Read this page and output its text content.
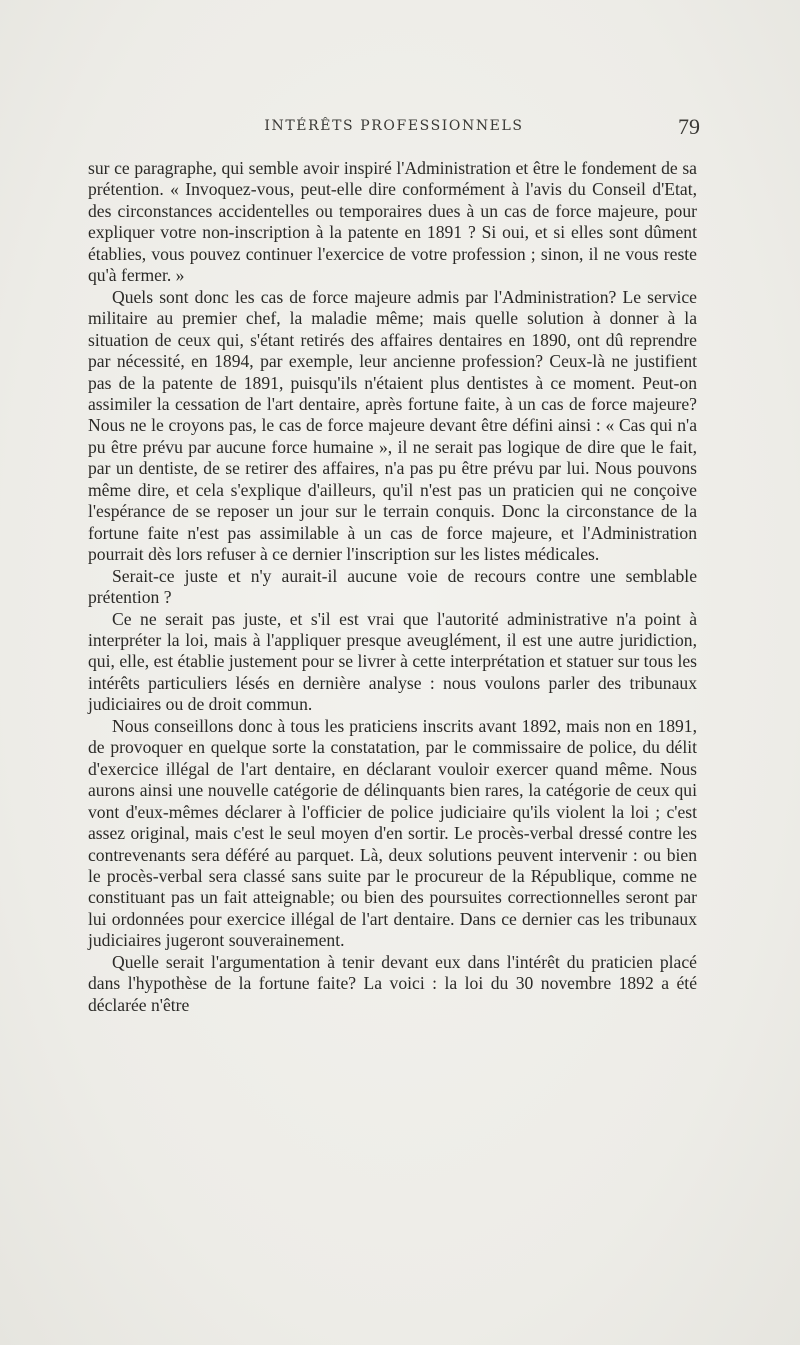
INTÉRÊTS PROFESSIONNELS	79

sur ce paragraphe, qui semble avoir inspiré l'Administration et être le fondement de sa prétention. « Invoquez-vous, peut-elle dire conformément à l'avis du Conseil d'Etat, des circonstances accidentelles ou temporaires dues à un cas de force majeure, pour expliquer votre non-inscription à la patente en 1891 ? Si oui, et si elles sont dûment établies, vous pouvez continuer l'exercice de votre profession ; sinon, il ne vous reste qu'à fermer. »

Quels sont donc les cas de force majeure admis par l'Administration? Le service militaire au premier chef, la maladie même; mais quelle solution à donner à la situation de ceux qui, s'étant retirés des affaires dentaires en 1890, ont dû reprendre par nécessité, en 1894, par exemple, leur ancienne profession? Ceux-là ne justifient pas de la patente de 1891, puisqu'ils n'étaient plus dentistes à ce moment. Peut-on assimiler la cessation de l'art dentaire, après fortune faite, à un cas de force majeure? Nous ne le croyons pas, le cas de force majeure devant être défini ainsi : « Cas qui n'a pu être prévu par aucune force humaine », il ne serait pas logique de dire que le fait, par un dentiste, de se retirer des affaires, n'a pas pu être prévu par lui. Nous pouvons même dire, et cela s'explique d'ailleurs, qu'il n'est pas un praticien qui ne conçoive l'espérance de se reposer un jour sur le terrain conquis. Donc la circonstance de la fortune faite n'est pas assimilable à un cas de force majeure, et l'Administration pourrait dès lors refuser à ce dernier l'inscription sur les listes médicales.

Serait-ce juste et n'y aurait-il aucune voie de recours contre une semblable prétention ?

Ce ne serait pas juste, et s'il est vrai que l'autorité administrative n'a point à interpréter la loi, mais à l'appliquer presque aveuglément, il est une autre juridiction, qui, elle, est établie justement pour se livrer à cette interprétation et statuer sur tous les intérêts particuliers lésés en dernière analyse : nous voulons parler des tribunaux judiciaires ou de droit commun.

Nous conseillons donc à tous les praticiens inscrits avant 1892, mais non en 1891, de provoquer en quelque sorte la constatation, par le commissaire de police, du délit d'exercice illégal de l'art dentaire, en déclarant vouloir exercer quand même. Nous aurons ainsi une nouvelle catégorie de délinquants bien rares, la catégorie de ceux qui vont d'eux-mêmes déclarer à l'officier de police judiciaire qu'ils violent la loi ; c'est assez original, mais c'est le seul moyen d'en sortir. Le procès-verbal dressé contre les contrevenants sera déféré au parquet. Là, deux solutions peuvent intervenir : ou bien le procès-verbal sera classé sans suite par le procureur de la République, comme ne constituant pas un fait atteignable; ou bien des poursuites correctionnelles seront par lui ordonnées pour exercice illégal de l'art dentaire. Dans ce dernier cas les tribunaux judiciaires jugeront souverainement.

Quelle serait l'argumentation à tenir devant eux dans l'intérêt du praticien placé dans l'hypothèse de la fortune faite? La voici : la loi du 30 novembre 1892 a été déclarée n'être
